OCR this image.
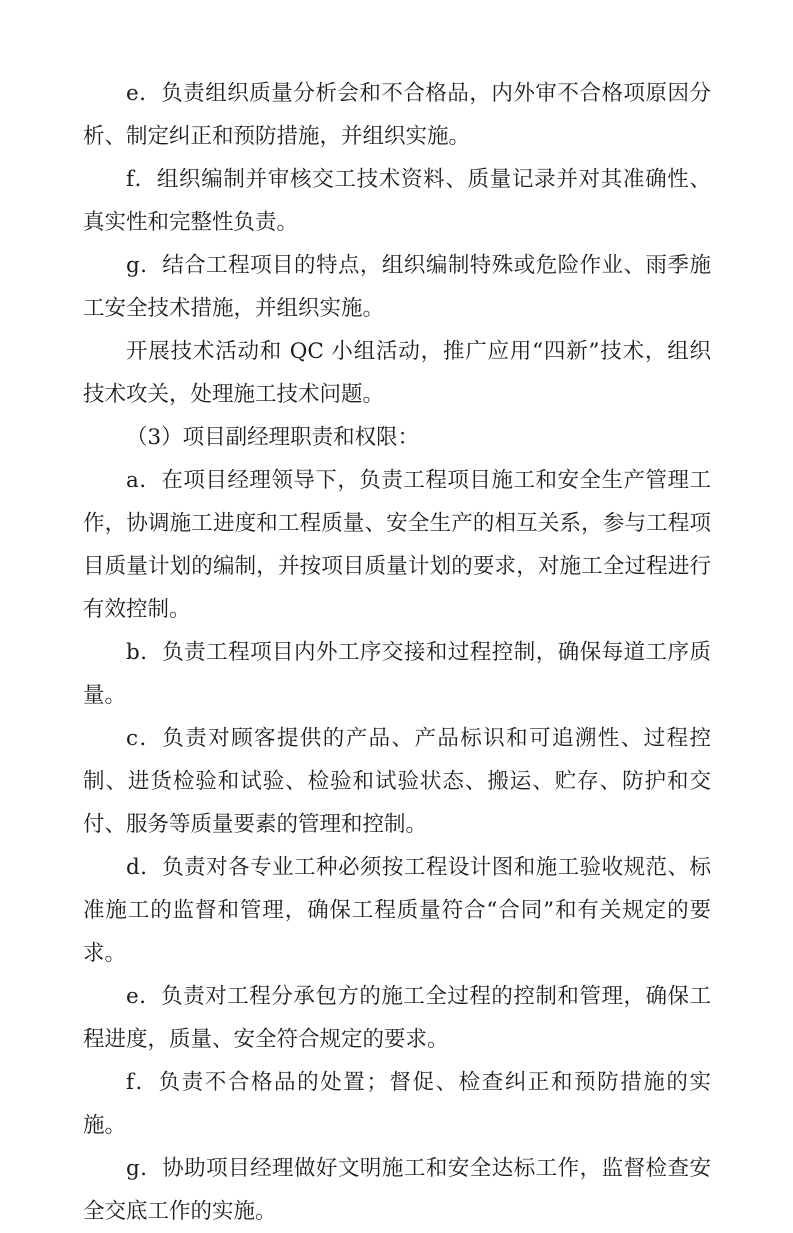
e．负责组织质量分析会和不合格品，内外审不合格项原因分析、制定纠正和预防措施，并组织实施。

f．组织编制并审核交工技术资料、质量记录并对其准确性、真实性和完整性负责。

g．结合工程项目的特点，组织编制特殊或危险作业、雨季施工安全技术措施，并组织实施。

开展技术活动和 QC 小组活动，推广应用“四新”技术，组织技术攻关，处理施工技术问题。

（3）项目副经理职责和权限：

a．在项目经理领导下，负责工程项目施工和安全生产管理工作，协调施工进度和工程质量、安全生产的相互关系，参与工程项目质量计划的编制，并按项目质量计划的要求，对施工全过程进行有效控制。

b．负责工程项目内外工序交接和过程控制，确保每道工序质量。

c．负责对顾客提供的产品、产品标识和可追溯性、过程控制、进货检验和试验、检验和试验状态、搬运、贮存、防护和交付、服务等质量要素的管理和控制。

d．负责对各专业工种必须按工程设计图和施工验收规范、标准施工的监督和管理，确保工程质量符合“合同”和有关规定的要求。

e．负责对工程分承包方的施工全过程的控制和管理，确保工程进度，质量、安全符合规定的要求。

f．负责不合格品的处置；督促、检查纠正和预防措施的实施。

g．协助项目经理做好文明施工和安全达标工作，监督检查安全交底工作的实施。
